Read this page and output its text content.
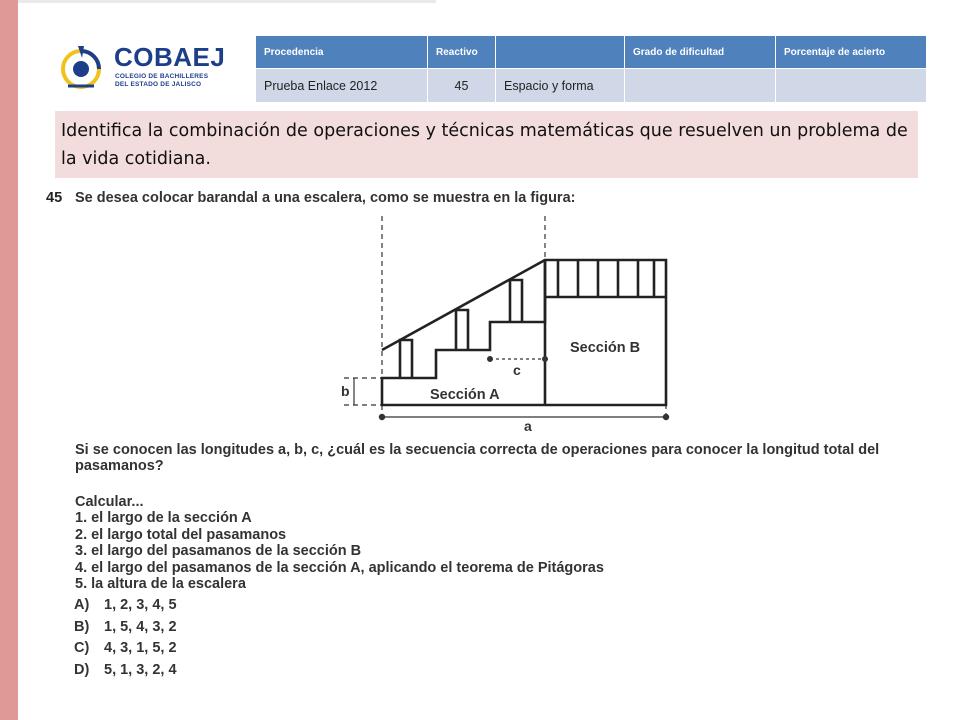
COBAEJ
COLEGIO DE BACHILLERES
DEL ESTADO DE JALISCO
Procedencia	Reactivo		Grado de dificultad	Porcentaje de acierto
Prueba Enlace 2012	45	Espacio y forma		
Identifica la combinación de operaciones y técnicas matemáticas que resuelven un problema de la vida cotidiana.
45 Se desea colocar barandal a una escalera, como se muestra en la figura:
Sección A
Sección B
c
b
a
Si se conocen las longitudes a, b, c, ¿cuál es la secuencia correcta de operaciones para conocer la longitud total del pasamanos?
Calcular...
1. el largo de la sección A
2. el largo total del pasamanos
3. el largo del pasamanos de la sección B
4. el largo del pasamanos de la sección A, aplicando el teorema de Pitágoras
5. la altura de la escalera
A) 1, 2, 3, 4, 5
B) 1, 5, 4, 3, 2
C) 4, 3, 1, 5, 2
D) 5, 1, 3, 2, 4
